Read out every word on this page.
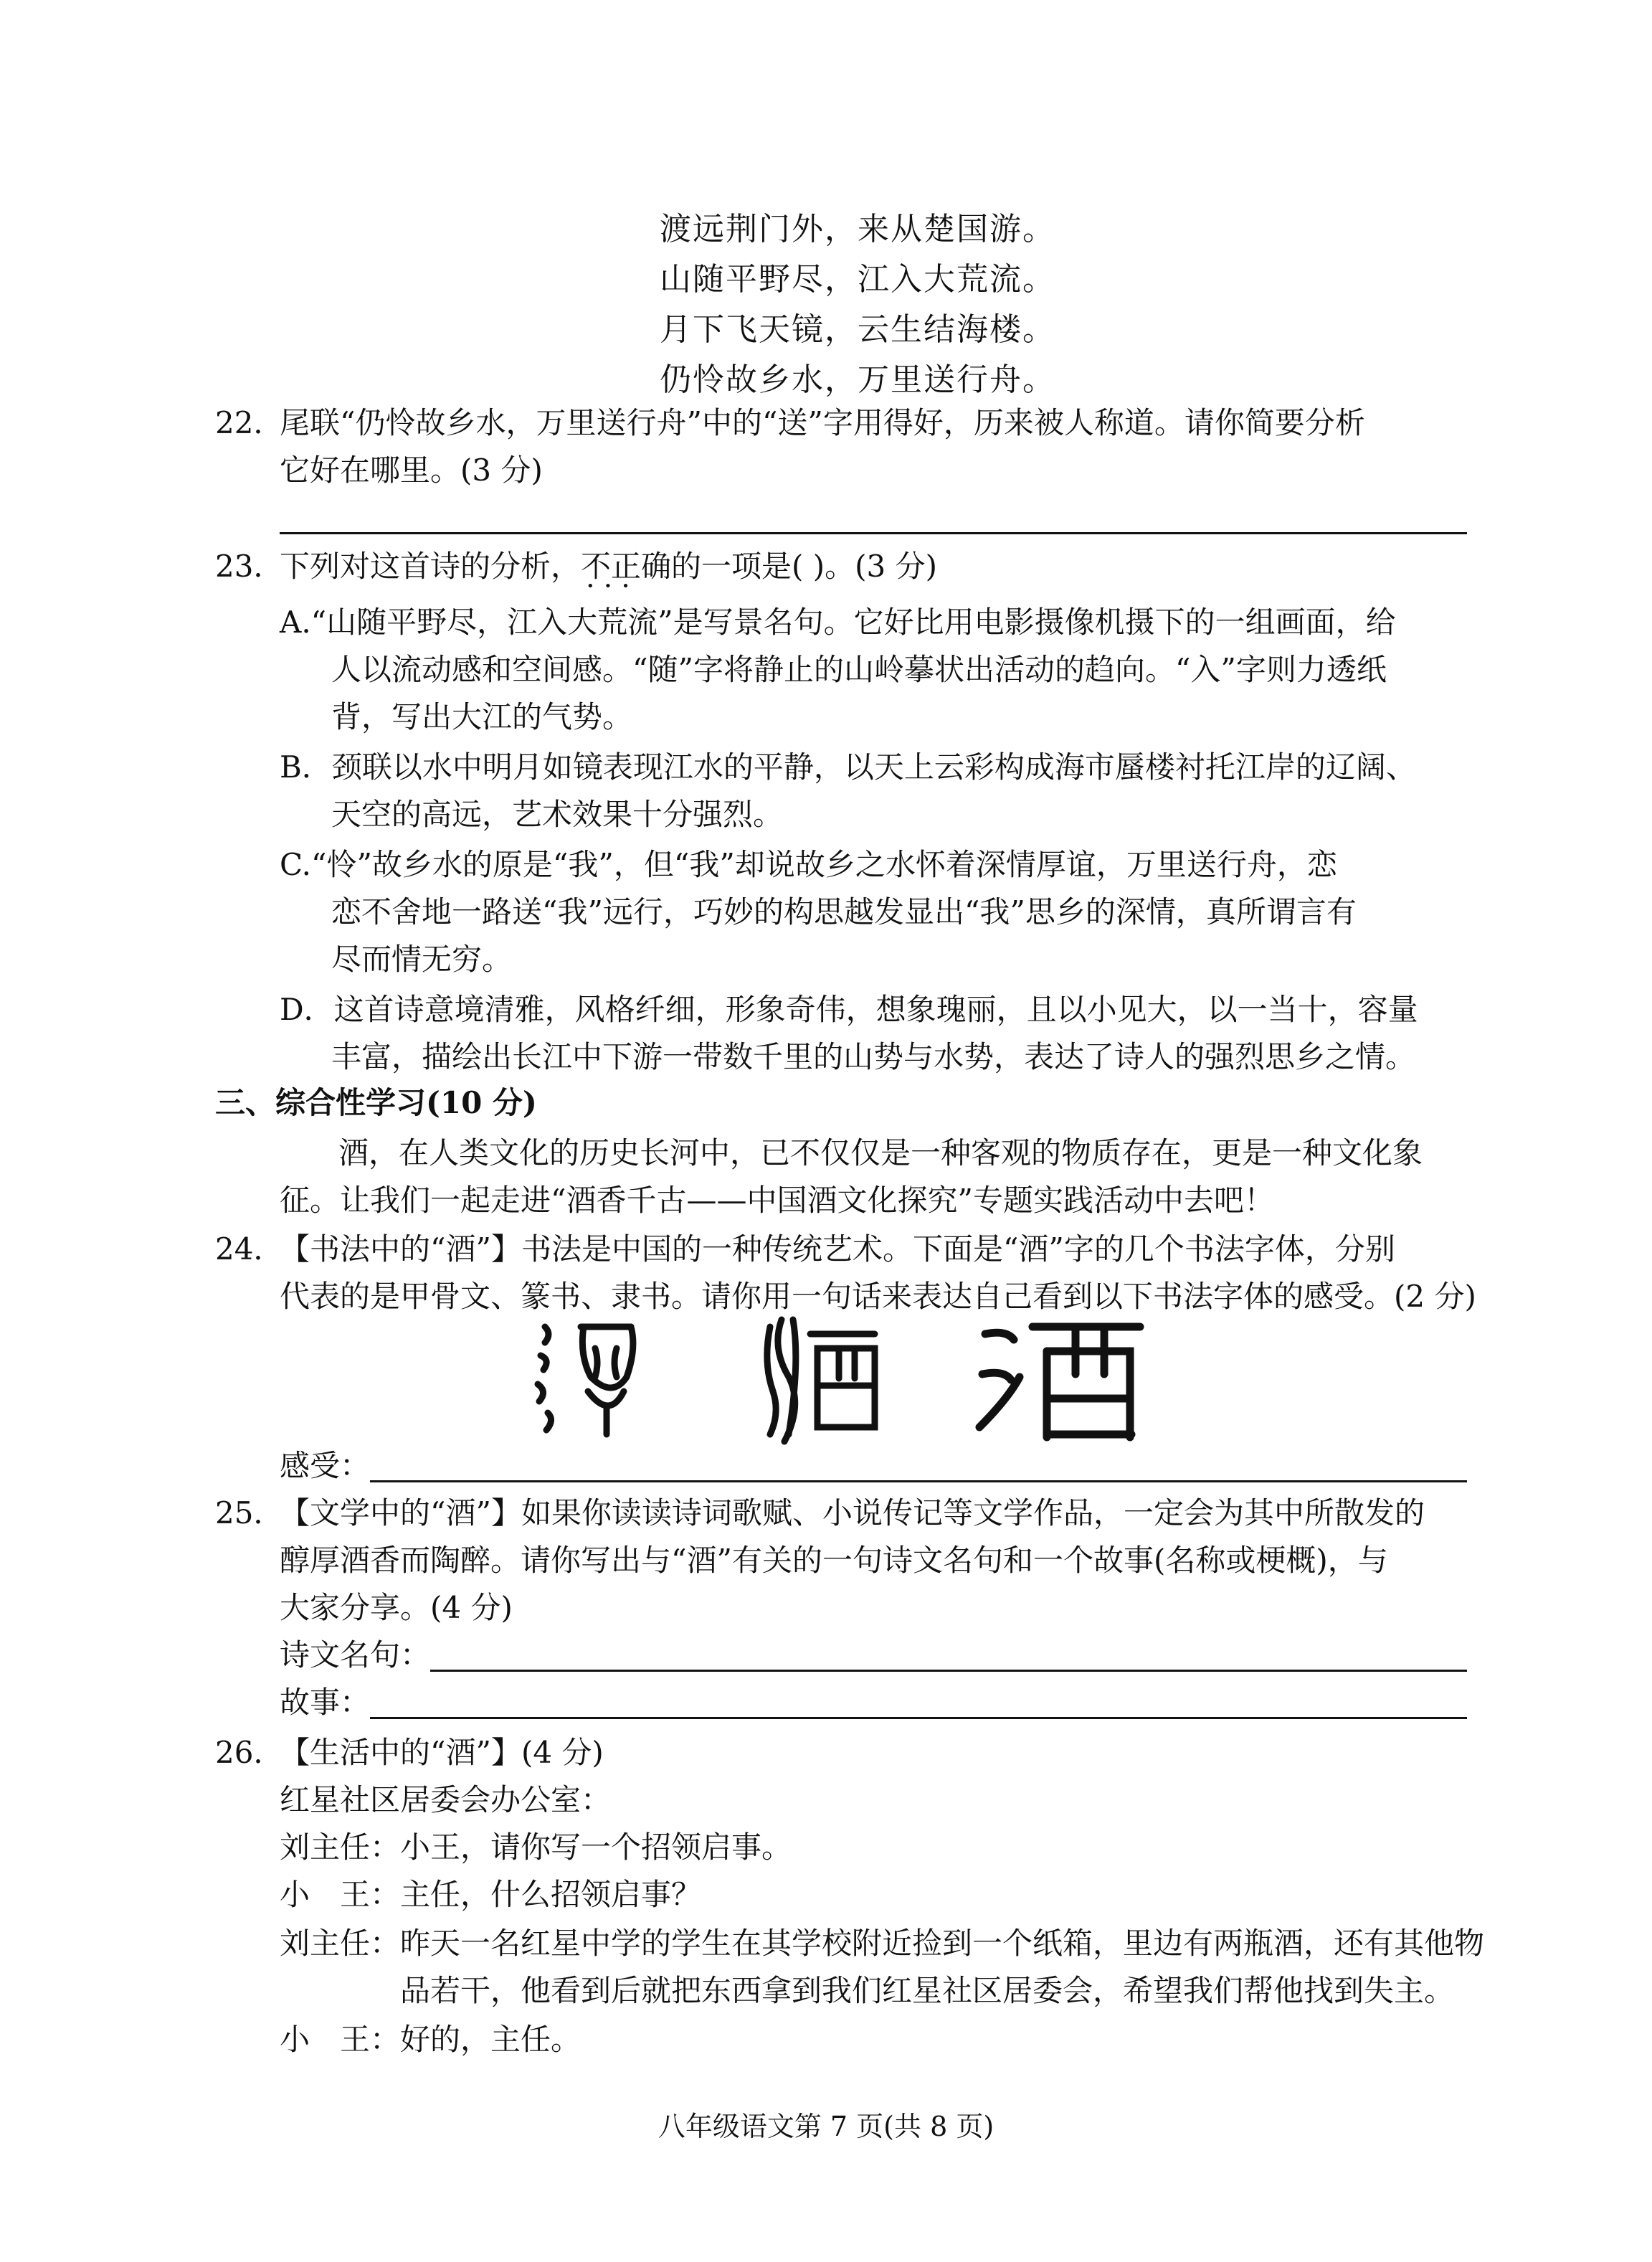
渡远荆门外，来从楚国游。
山随平野尽，江入大荒流。
月下飞天镜，云生结海楼。
仍怜故乡水，万里送行舟。
22．
尾联“仍怜故乡水，万里送行舟”中的“送”字用得好，历来被人称道。请你简要分析
它好在哪里。(3 分)
23．
下列对这首诗的分析，不正确 •••的一项是( )。(3 分)
A.“山随平野尽，江入大荒流”是写景名句。它好比用电影摄像机摄下的一组画面，给
人以流动感和空间感。“随”字将静止的山岭摹状出活动的趋向。“入”字则力透纸
背，写出大江的气势。
B．颈联以水中明月如镜表现江水的平静，以天上云彩构成海市蜃楼衬托江岸的辽阔、
天空的高远，艺术效果十分强烈。
C.“怜”故乡水的原是“我”，但“我”却说故乡之水怀着深情厚谊，万里送行舟，恋
恋不舍地一路送“我”远行，巧妙的构思越发显出“我”思乡的深情，真所谓言有
尽而情无穷。
D．这首诗意境清雅，风格纤细，形象奇伟，想象瑰丽，且以小见大，以一当十，容量
丰富，描绘出长江中下游一带数千里的山势与水势，表达了诗人的强烈思乡之情。
三、综合性学习(10 分)
酒，在人类文化的历史长河中，已不仅仅是一种客观的物质存在，更是一种文化象
征。让我们一起走进“酒香千古——中国酒文化探究”专题实践活动中去吧！
24．
【书法中的“酒”】书法是中国的一种传统艺术。下面是“酒”字的几个书法字体，分别
代表的是甲骨文、篆书、隶书。请你用一句话来表达自己看到以下书法字体的感受。(2 分)
感受：
25．
【文学中的“酒”】如果你读读诗词歌赋、小说传记等文学作品，一定会为其中所散发的
醇厚酒香而陶醉。请你写出与“酒”有关的一句诗文名句和一个故事(名称或梗概)，与
大家分享。(4 分)
诗文名句：
故事：
26．
【生活中的“酒”】(4 分)
红星社区居委会办公室：
刘主任： 小王，请你写一个招领启事。
小　王： 主任，什么招领启事？
刘主任： 昨天一名红星中学的学生在其学校附近捡到一个纸箱，里边有两瓶酒，还有其他物
品若干，他看到后就把东西拿到我们红星社区居委会，希望我们帮他找到失主。
小　王： 好的，主任。
八年级语文第 7 页(共 8 页)
